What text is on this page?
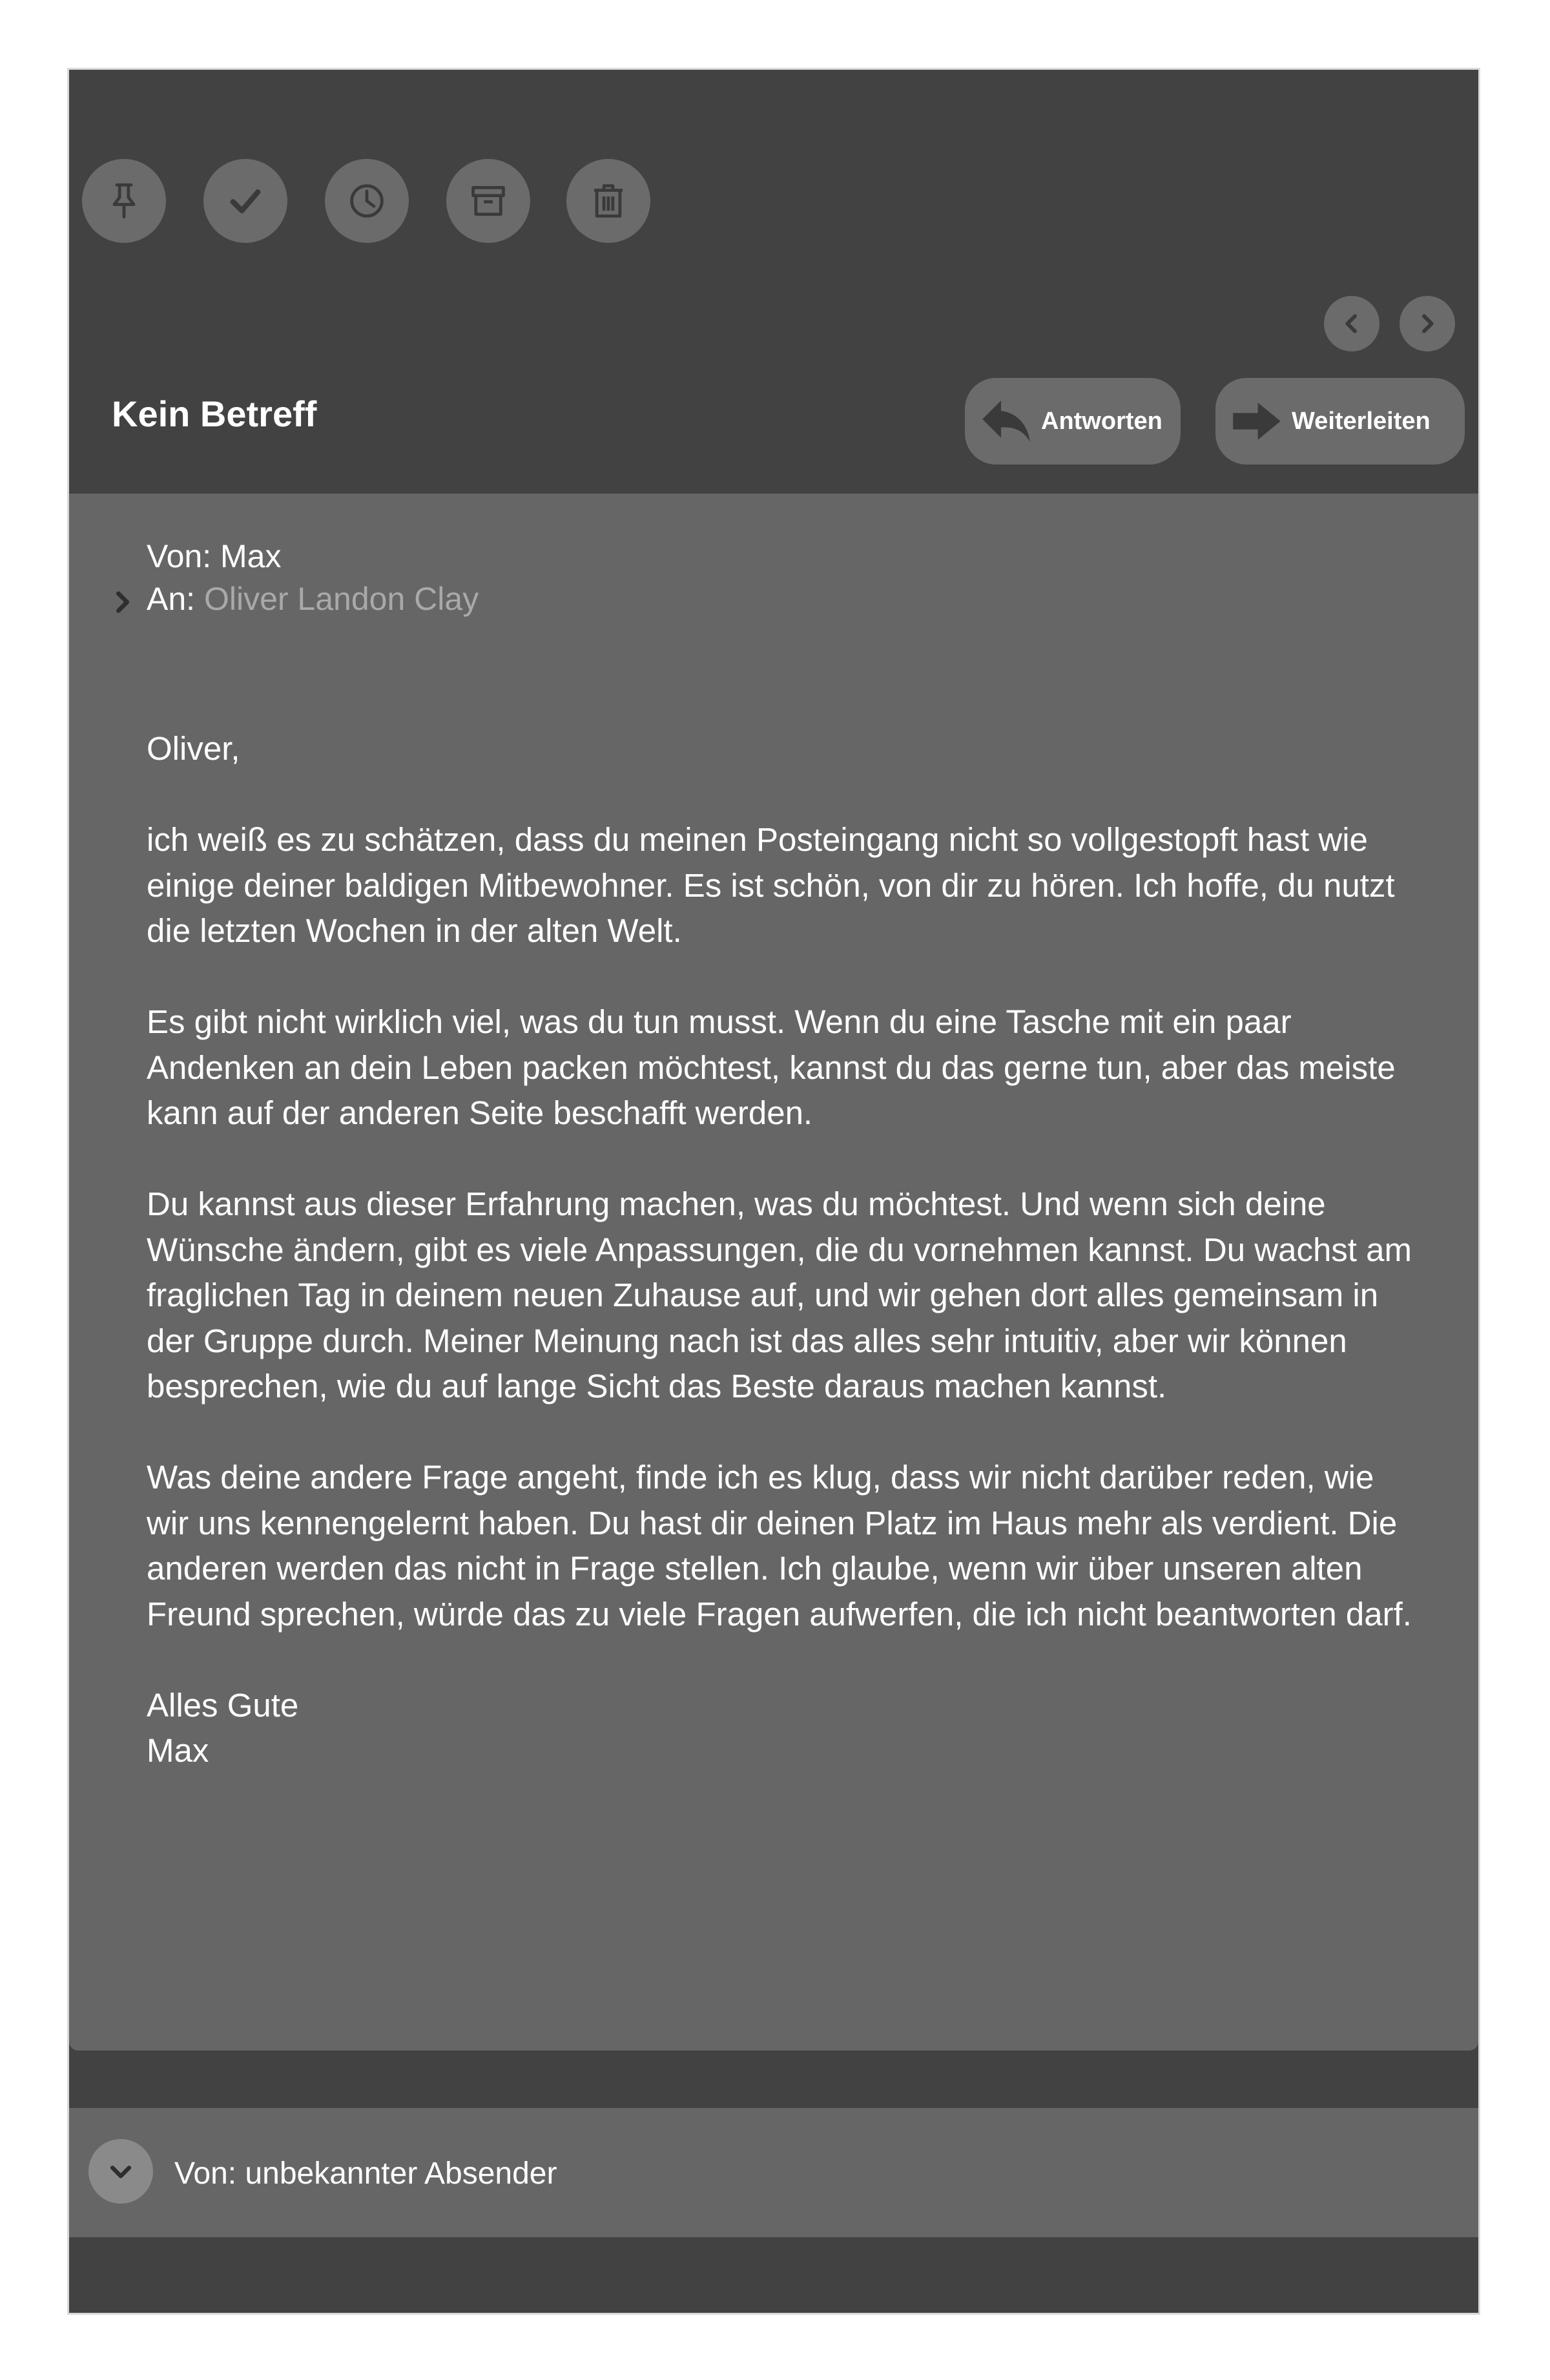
Kein Betreff	Antworten	Weiterleiten
Von: Max
An: Oliver Landon Clay

Oliver,

ich weiß es zu schätzen, dass du meinen Posteingang nicht so vollgestopft hast wie einige deiner baldigen Mitbewohner. Es ist schön, von dir zu hören. Ich hoffe, du nutzt die letzten Wochen in der alten Welt.

Es gibt nicht wirklich viel, was du tun musst. Wenn du eine Tasche mit ein paar Andenken an dein Leben packen möchtest, kannst du das gerne tun, aber das meiste kann auf der anderen Seite beschafft werden.

Du kannst aus dieser Erfahrung machen, was du möchtest. Und wenn sich deine Wünsche ändern, gibt es viele Anpassungen, die du vornehmen kannst. Du wachst am fraglichen Tag in deinem neuen Zuhause auf, und wir gehen dort alles gemeinsam in der Gruppe durch. Meiner Meinung nach ist das alles sehr intuitiv, aber wir können besprechen, wie du auf lange Sicht das Beste daraus machen kannst.

Was deine andere Frage angeht, finde ich es klug, dass wir nicht darüber reden, wie wir uns kennengelernt haben. Du hast dir deinen Platz im Haus mehr als verdient. Die anderen werden das nicht in Frage stellen. Ich glaube, wenn wir über unseren alten Freund sprechen, würde das zu viele Fragen aufwerfen, die ich nicht beantworten darf.

Alles Gute
Max
Von: unbekannter Absender
